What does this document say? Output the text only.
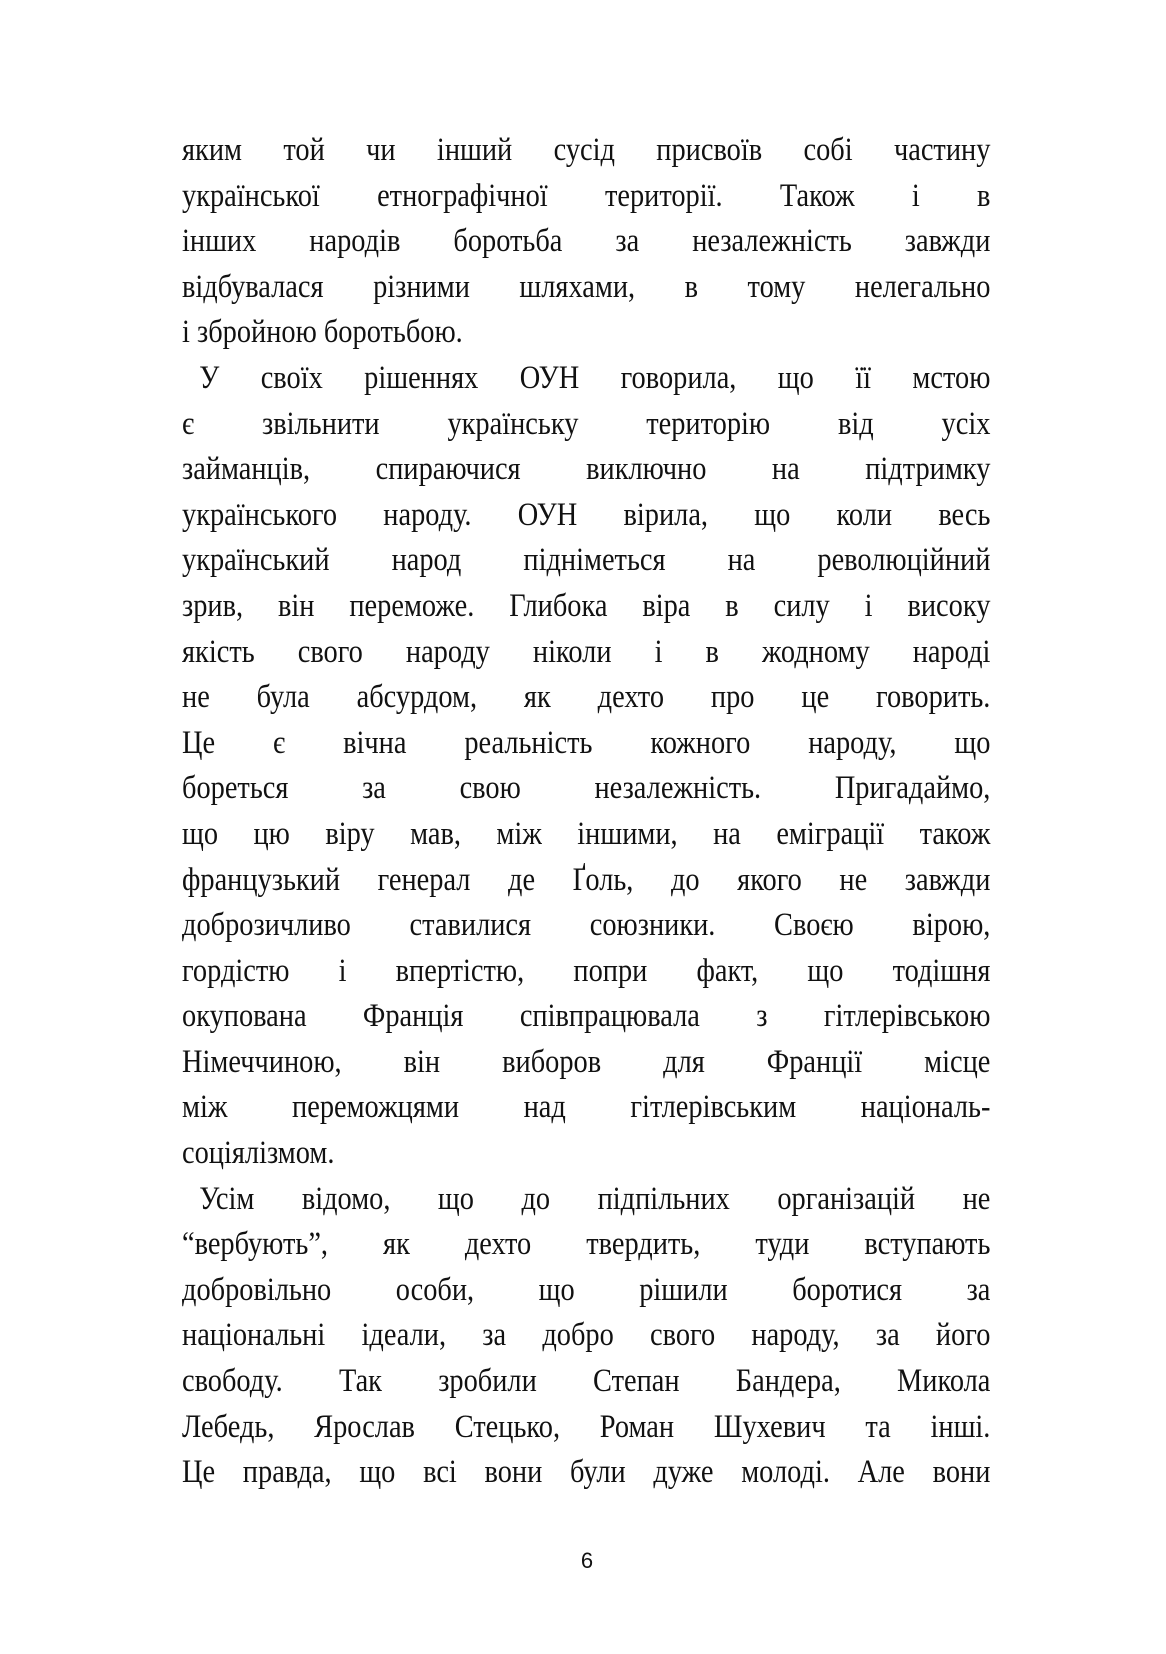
яким той чи інший сусід присвоїв собі частину
української етнографічної території. Також і в
інших народів боротьба за незалежність завжди
відбувалася різними шляхами, в тому нелегально
і збройною боротьбою.
У своїх рішеннях ОУН говорила, що її мстою
є звільнити українську територію від усіх
займанців, спираючися виключно на підтримку
українського народу. ОУН вірила, що коли весь
український народ підніметься на революційний
зрив, він переможе. Глибока віра в силу і високу
якість свого народу ніколи і в жодному народі
не була абсурдом, як дехто про це говорить.
Це є вічна реальність кожного народу, що
бореться за свою незалежність. Пригадаймо,
що цю віру мав, між іншими, на еміграції також
французький генерал де Ґоль, до якого не завжди
доброзичливо ставилися союзники. Своєю вірою,
гордістю і впертістю, попри факт, що тодішня
окупована Франція співпрацювала з гітлерівською
Німеччиною, він виборов для Франції місце
між переможцями над гітлерівським національ-
соціялізмом.
Усім відомо, що до підпільних організацій не
“вербують”, як дехто твердить, туди вступають
добровільно особи, що рішили боротися за
національні ідеали, за добро свого народу, за його
свободу. Так зробили Степан Бандера, Микола
Лебедь, Ярослав Стецько, Роман Шухевич та інші.
Це правда, що всі вони були дуже молоді. Але вони
6
